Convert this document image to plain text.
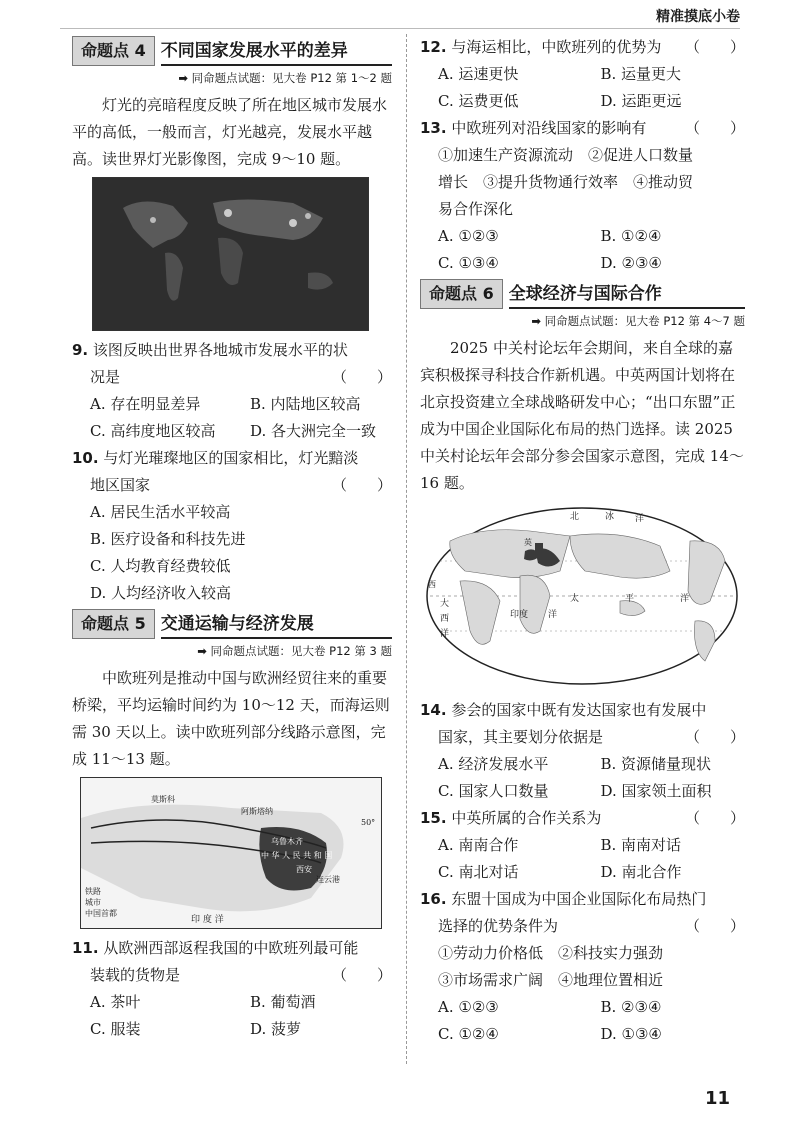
精准摸底小卷
命题点 4 不同国家发展水平的差异
➡ 同命题点试题：见大卷 P12 第 1～2 题

灯光的亮暗程度反映了所在地区城市发展水平的高低，一般而言，灯光越亮，发展水平越高。读世界灯光影像图，完成 9～10 题。

9. 该图反映出世界各地城市发展水平的状
况是	（　　）
A. 存在明显差异	B. 内陆地区较高
C. 高纬度地区较高	D. 各大洲完全一致
10. 与灯光璀璨地区的国家相比，灯光黯淡
地区国家	（　　）
A. 居民生活水平较高
B. 医疗设备和科技先进
C. 人均教育经费较低
D. 人均经济收入较高
命题点 5 交通运输与经济发展
➡ 同命题点试题：见大卷 P12 第 3 题

中欧班列是推动中国与欧洲经贸往来的重要桥梁，平均运输时间约为 10～12 天，而海运则需 30 天以上。读中欧班列部分线路示意图，完成 11～13 题。

莫斯科
阿斯塔纳
中 华 人 民 共 和 国
乌鲁木齐
西安
连云港
印 度 洋
50°
铁路
城市
中国首都
11. 从欧洲西部返程我国的中欧班列最可能
装载的货物是	（　　）
A. 茶叶	B. 葡萄酒
C. 服装	D. 菠萝
12. 与海运相比，中欧班列的优势为 （　　）
A. 运速更快	B. 运量更大
C. 运费更低	D. 运距更远
13. 中欧班列对沿线国家的影响有	（　　）
①加速生产资源流动　②促进人口数量
增长　③提升货物通行效率　④推动贸
易合作深化
A. ①②③	B. ①②④
C. ①③④	D. ②③④
命题点 6 全球经济与国际合作
➡ 同命题点试题：见大卷 P12 第 4～7 题

2025 中关村论坛年会期间，来自全球的嘉宾积极探寻科技合作新机遇。中英两国计划将在北京投资建立全球战略研发中心；“出口东盟”正成为中国企业国际化布局的热门选择。读 2025 中关村论坛年会部分参会国家示意图，完成 14～16 题。

北	冰 洋
太	平	洋
印度 洋
大
西
洋
西
英
14. 参会的国家中既有发达国家也有发展中
国家，其主要划分依据是	（　　）
A. 经济发展水平	B. 资源储量现状
C. 国家人口数量	D. 国家领土面积
15. 中英所属的合作关系为	（　　）
A. 南南合作	B. 南南对话
C. 南北对话	D. 南北合作
16. 东盟十国成为中国企业国际化布局热门
选择的优势条件为	（　　）
①劳动力价格低　②科技实力强劲
③市场需求广阔　④地理位置相近
A. ①②③	B. ②③④
C. ①②④	D. ①③④
11
